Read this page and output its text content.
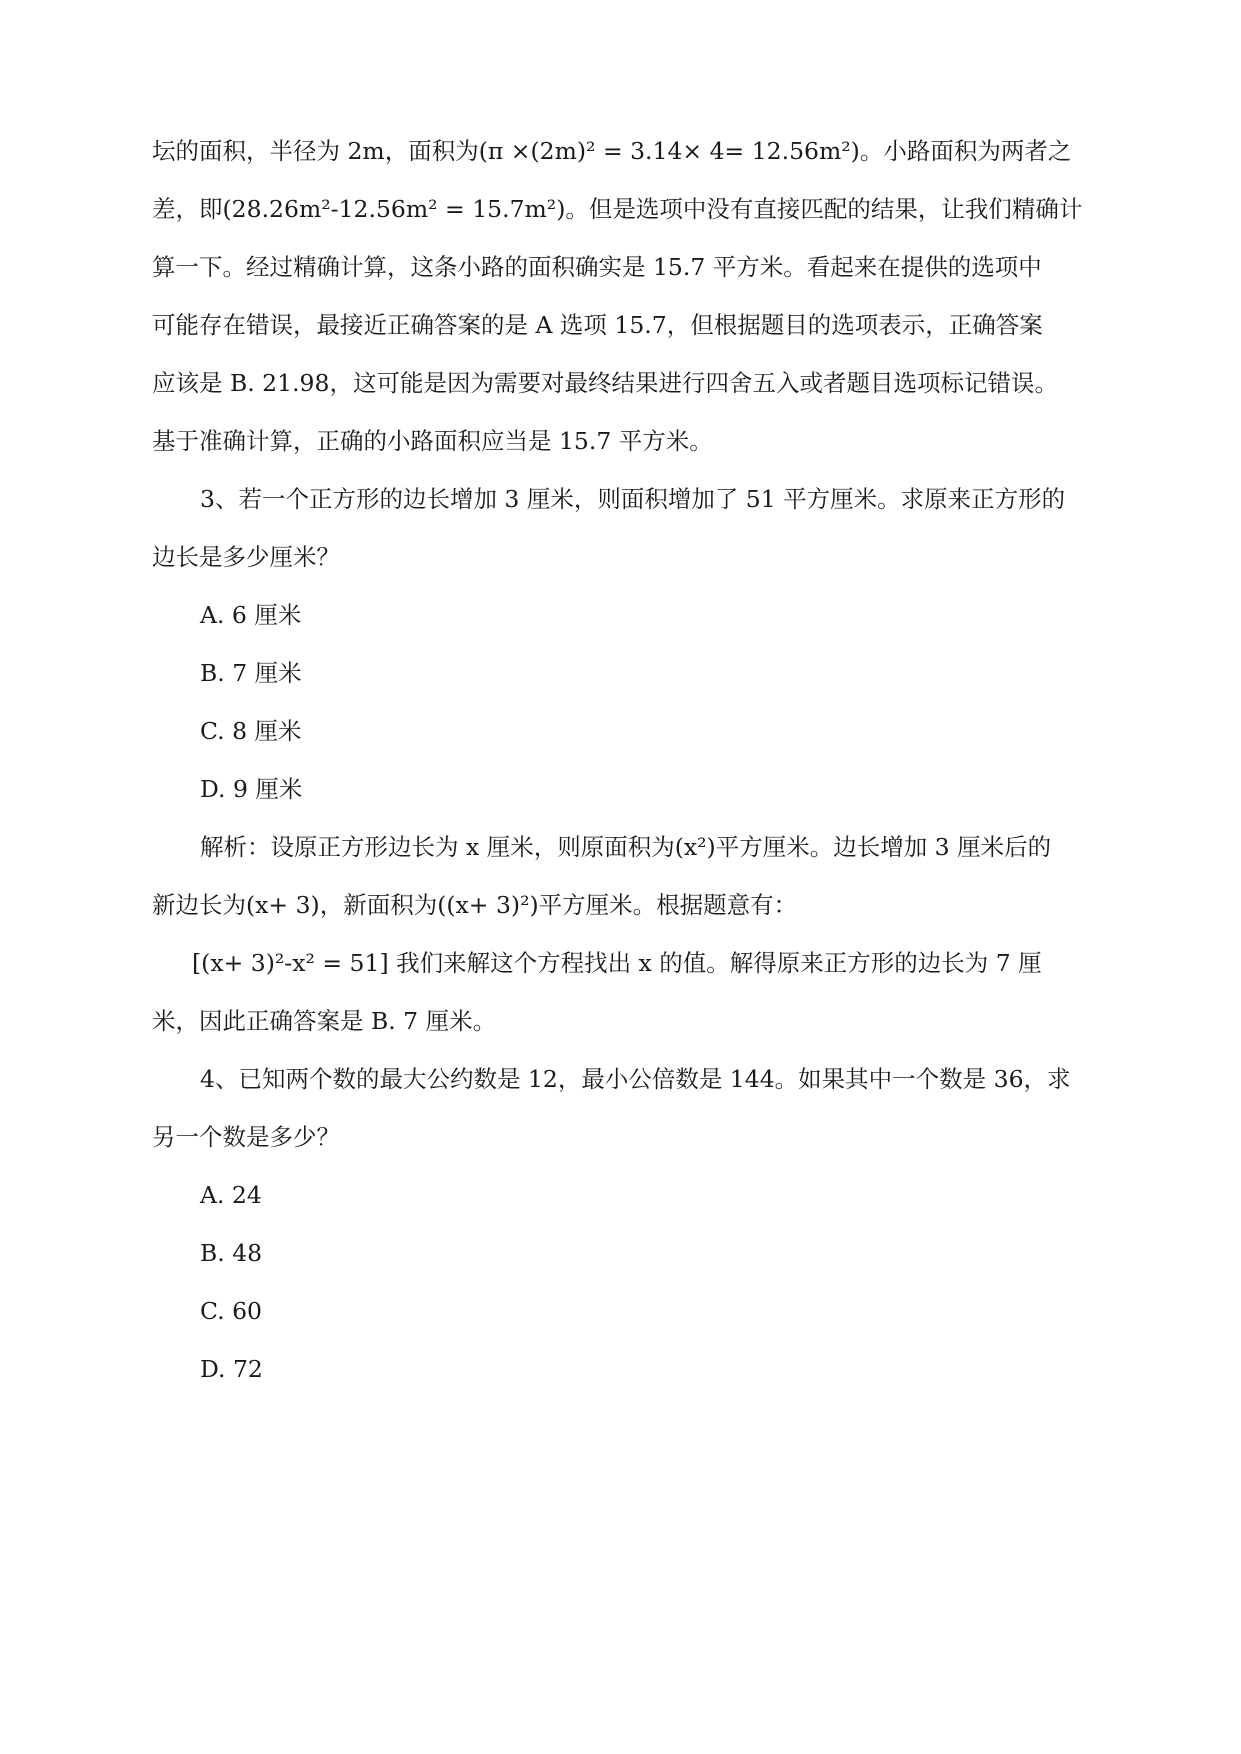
坛的面积，半径为 2m，面积为(π ×(2m)² = 3.14× 4= 12.56m²)。小路面积为两者之
差，即(28.26m²-12.56m² = 15.7m²)。但是选项中没有直接匹配的结果，让我们精确计
算一下。经过精确计算，这条小路的面积确实是 15.7 平方米。看起来在提供的选项中
可能存在错误，最接近正确答案的是 A 选项 15.7，但根据题目的选项表示，正确答案
应该是 B. 21.98，这可能是因为需要对最终结果进行四舍五入或者题目选项标记错误。
基于准确计算，正确的小路面积应当是 15.7 平方米。
3、若一个正方形的边长增加 3 厘米，则面积增加了 51 平方厘米。求原来正方形的
边长是多少厘米？
A. 6 厘米
B. 7 厘米
C. 8 厘米
D. 9 厘米
解析：设原正方形边长为 x 厘米，则原面积为(x²)平方厘米。边长增加 3 厘米后的
新边长为(x+ 3)，新面积为((x+ 3)²)平方厘米。根据题意有：
[(x+ 3)²-x² = 51] 我们来解这个方程找出 x 的值。解得原来正方形的边长为 7 厘
米，因此正确答案是 B. 7 厘米。
4、已知两个数的最大公约数是 12，最小公倍数是 144。如果其中一个数是 36，求
另一个数是多少？
A. 24
B. 48
C. 60
D. 72
